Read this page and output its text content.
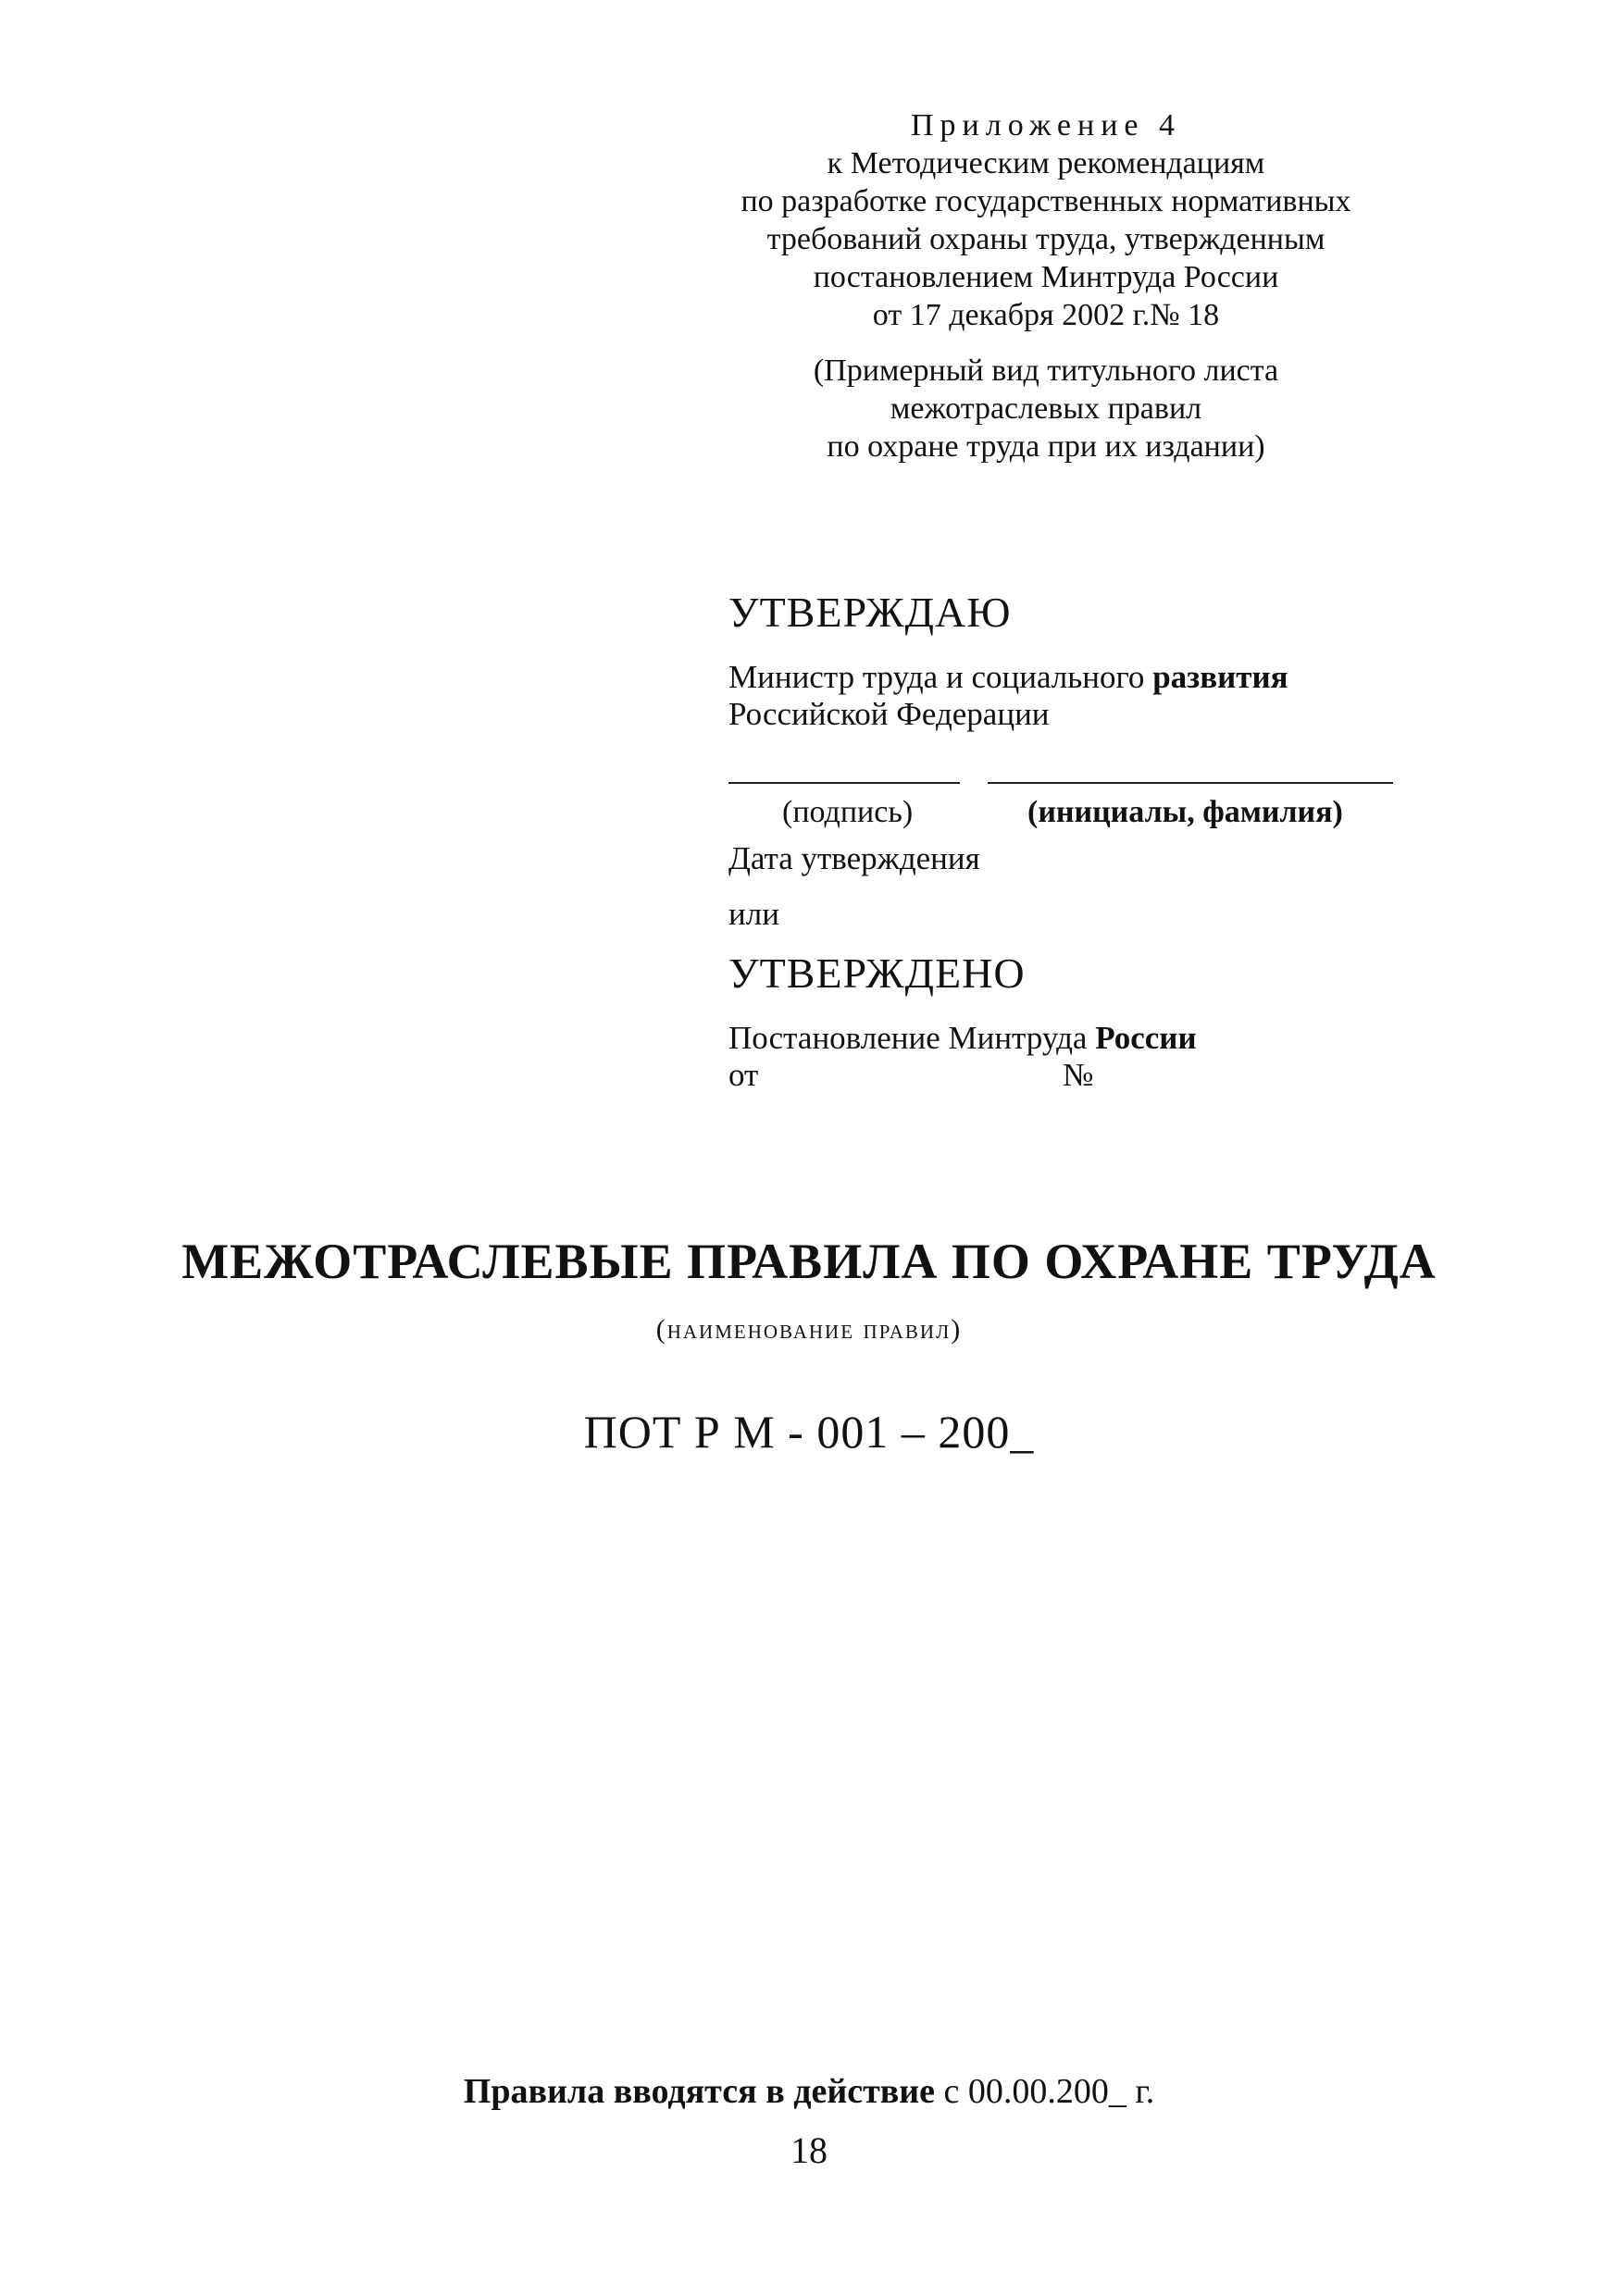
Приложение 4
к Методическим рекомендациям
по разработке государственных нормативных
требований охраны труда, утвержденным
постановлением Минтруда России
от 17 декабря 2002 г.№ 18
(Примерный вид титульного листа
межотраслевых правил
по охране труда при их издании)
УТВЕРЖДАЮ
Министр труда и социального развития
Российской Федерации
(подпись)	(инициалы, фамилия)
Дата утверждения
или
УТВЕРЖДЕНО
Постановление Минтруда России
от	№
МЕЖОТРАСЛЕВЫЕ ПРАВИЛА ПО ОХРАНЕ ТРУДА
(наименование правил)
ПОТ Р М - 001 – 200_
Правила вводятся в действие с 00.00.200_ г.
18
